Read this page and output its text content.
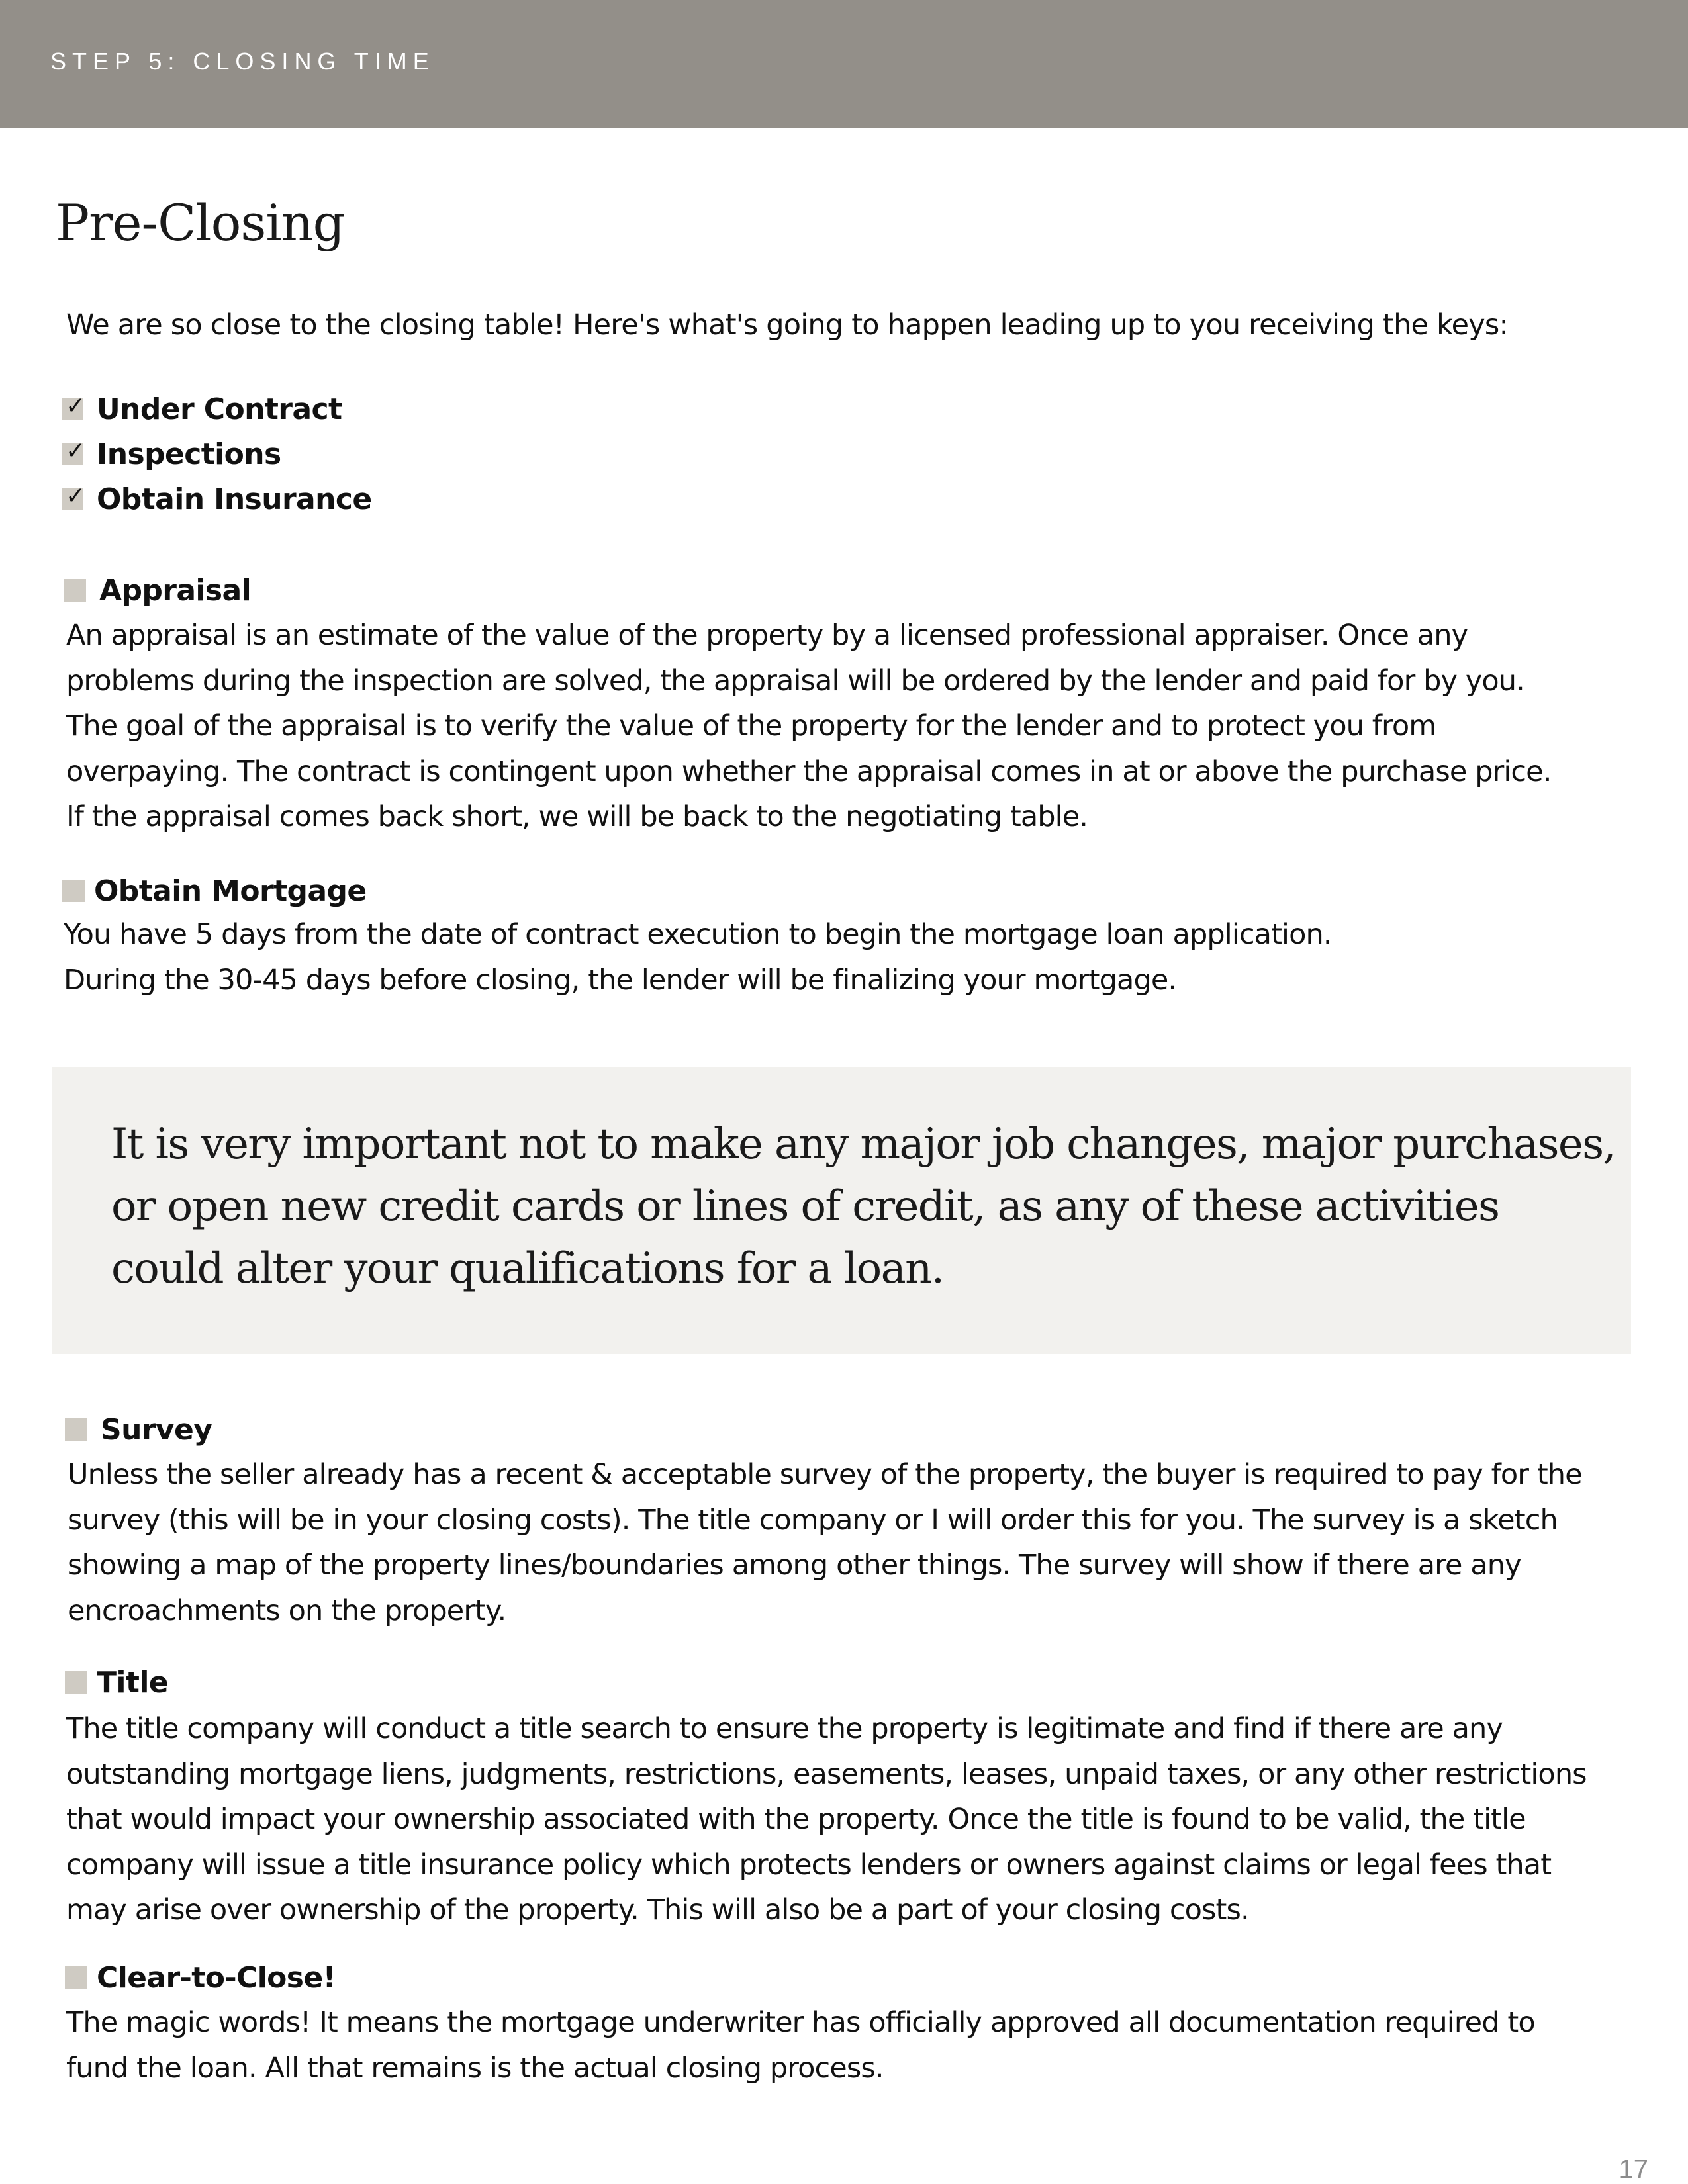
STEP 5: CLOSING TIME
Pre-Closing
We are so close to the closing table! Here's what's going to happen leading up to you receiving the keys:
✓ Under Contract
✓ Inspections
✓ Obtain Insurance
Appraisal
An appraisal is an estimate of the value of the property by a licensed professional appraiser. Once any
problems during the inspection are solved, the appraisal will be ordered by the lender and paid for by you.
The goal of the appraisal is to verify the value of the property for the lender and to protect you from
overpaying. The contract is contingent upon whether the appraisal comes in at or above the purchase price.
If the appraisal comes back short, we will be back to the negotiating table.
Obtain Mortgage
You have 5 days from the date of contract execution to begin the mortgage loan application.
During the 30-45 days before closing, the lender will be finalizing your mortgage.
It is very important not to make any major job changes, major purchases,
or open new credit cards or lines of credit, as any of these activities
could alter your qualifications for a loan.
Survey
Unless the seller already has a recent & acceptable survey of the property, the buyer is required to pay for the
survey (this will be in your closing costs). The title company or I will order this for you. The survey is a sketch
showing a map of the property lines/boundaries among other things. The survey will show if there are any
encroachments on the property.
Title
The title company will conduct a title search to ensure the property is legitimate and find if there are any
outstanding mortgage liens, judgments, restrictions, easements, leases, unpaid taxes, or any other restrictions
that would impact your ownership associated with the property. Once the title is found to be valid, the title
company will issue a title insurance policy which protects lenders or owners against claims or legal fees that
may arise over ownership of the property. This will also be a part of your closing costs.
Clear-to-Close!
The magic words! It means the mortgage underwriter has officially approved all documentation required to
fund the loan. All that remains is the actual closing process.
17
